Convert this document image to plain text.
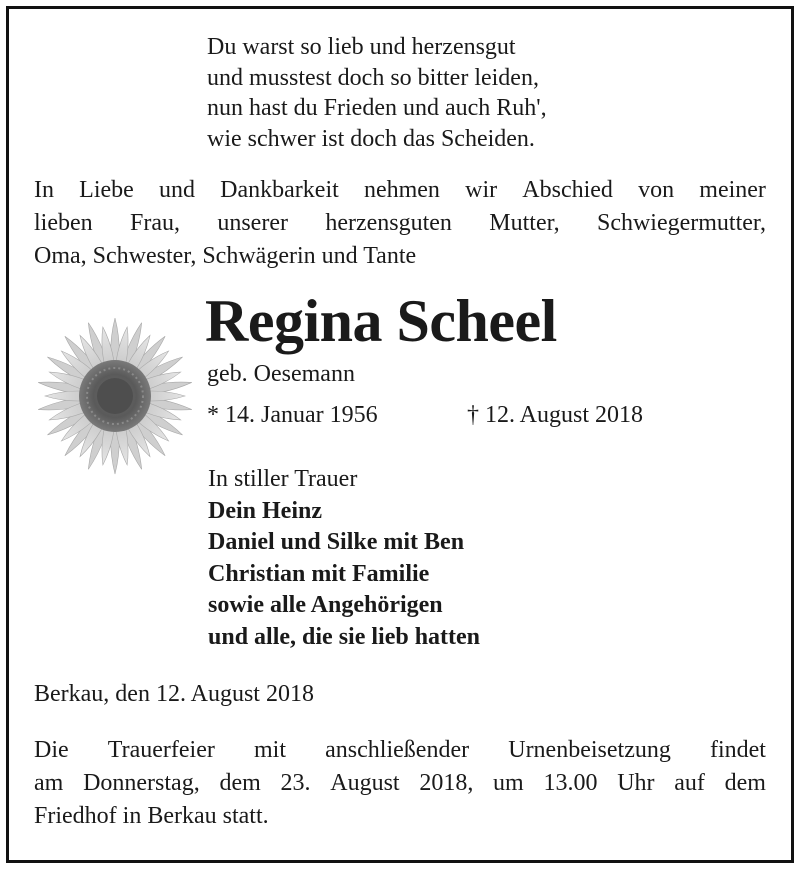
Du warst so lieb und herzensgut
und musstest doch so bitter leiden,
nun hast du Frieden und auch Ruh',
wie schwer ist doch das Scheiden.
In Liebe und Dankbarkeit nehmen wir Abschied von meiner
lieben Frau, unserer herzensguten Mutter, Schwiegermutter,
Oma, Schwester, Schwägerin und Tante
Regina Scheel
geb. Oesemann
* 14. Januar 1956	† 12. August 2018
In stiller Trauer
Dein Heinz
Daniel und Silke mit Ben
Christian mit Familie
sowie alle Angehörigen
und alle, die sie lieb hatten
Berkau, den 12. August 2018
Die Trauerfeier mit anschließender Urnenbeisetzung findet
am Donnerstag, dem 23. August 2018, um 13.00 Uhr auf dem
Friedhof in Berkau statt.
